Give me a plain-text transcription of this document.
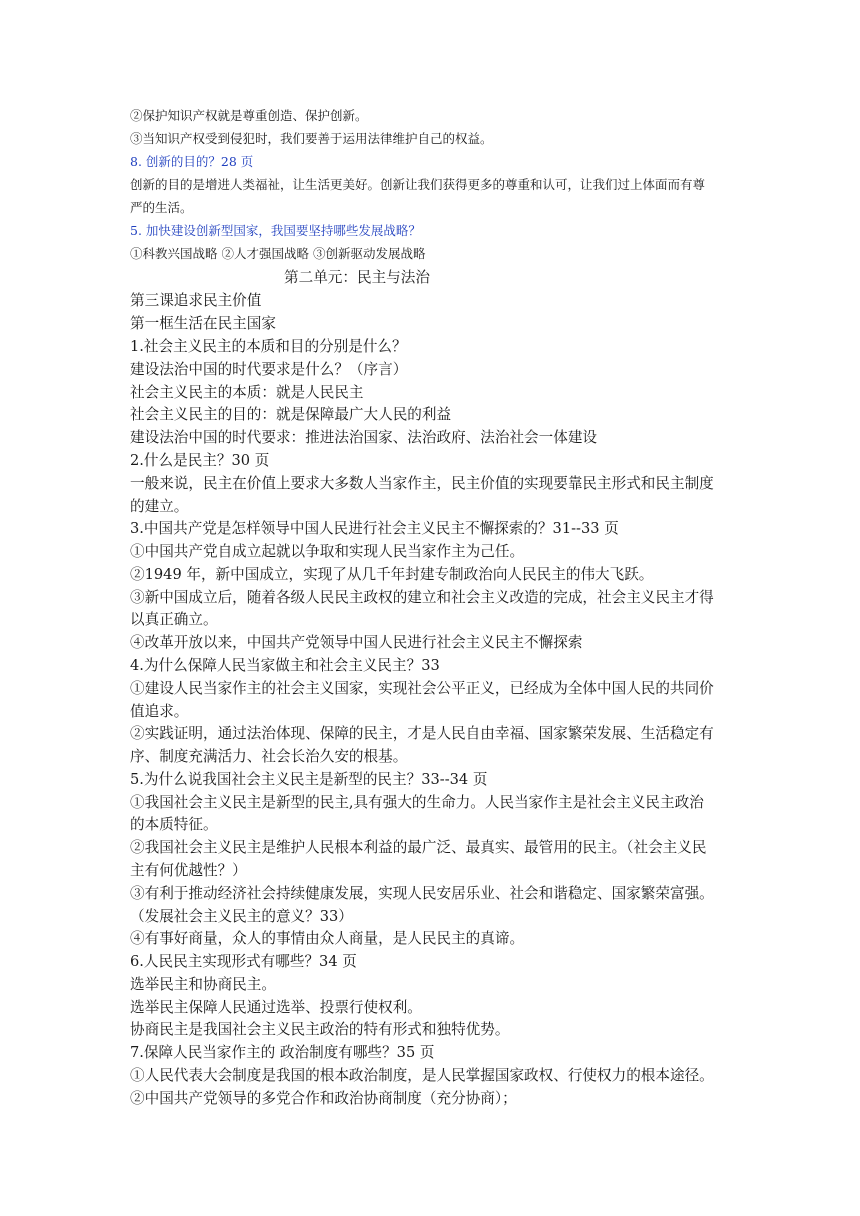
②保护知识产权就是尊重创造、保护创新。
③当知识产权受到侵犯时，我们要善于运用法律维护自己的权益。
8. 创新的目的？28 页
创新的目的是增进人类福祉，让生活更美好。创新让我们获得更多的尊重和认可，让我们过上体面而有尊
严的生活。
5. 加快建设创新型国家，我国要坚持哪些发展战略？
①科教兴国战略 ②人才强国战略 ③创新驱动发展战略
第二单元：民主与法治
第三课追求民主价值
第一框生活在民主国家
1.社会主义民主的本质和目的分别是什么？
建设法治中国的时代要求是什么？（序言）
社会主义民主的本质：就是人民民主
社会主义民主的目的：就是保障最广大人民的利益
建设法治中国的时代要求：推进法治国家、法治政府、法治社会一体建设
2.什么是民主？30 页
一般来说，民主在价值上要求大多数人当家作主，民主价值的实现要靠民主形式和民主制度
的建立。
3.中国共产党是怎样领导中国人民进行社会主义民主不懈探索的？31--33 页
①中国共产党自成立起就以争取和实现人民当家作主为己任。
②1949 年，新中国成立，实现了从几千年封建专制政治向人民民主的伟大飞跃。
③新中国成立后，随着各级人民民主政权的建立和社会主义改造的完成，社会主义民主才得
以真正确立。
④改革开放以来，中国共产党领导中国人民进行社会主义民主不懈探索
4.为什么保障人民当家做主和社会主义民主？33
①建设人民当家作主的社会主义国家，实现社会公平正义，已经成为全体中国人民的共同价
值追求。
②实践证明，通过法治体现、保障的民主，才是人民自由幸福、国家繁荣发展、生活稳定有
序、制度充满活力、社会长治久安的根基。
5.为什么说我国社会主义民主是新型的民主？33--34 页
①我国社会主义民主是新型的民主,具有强大的生命力。人民当家作主是社会主义民主政治
的本质特征。
②我国社会主义民主是维护人民根本利益的最广泛、最真实、最管用的民主。（社会主义民
主有何优越性？）
③有利于推动经济社会持续健康发展，实现人民安居乐业、社会和谐稳定、国家繁荣富强。
（发展社会主义民主的意义？33）
④有事好商量，众人的事情由众人商量，是人民民主的真谛。
6.人民民主实现形式有哪些？34 页
选举民主和协商民主。
选举民主保障人民通过选举、投票行使权利。
协商民主是我国社会主义民主政治的特有形式和独特优势。
7.保障人民当家作主的 政治制度有哪些？35 页
①人民代表大会制度是我国的根本政治制度，是人民掌握国家政权、行使权力的根本途径。
②中国共产党领导的多党合作和政治协商制度（充分协商）；
